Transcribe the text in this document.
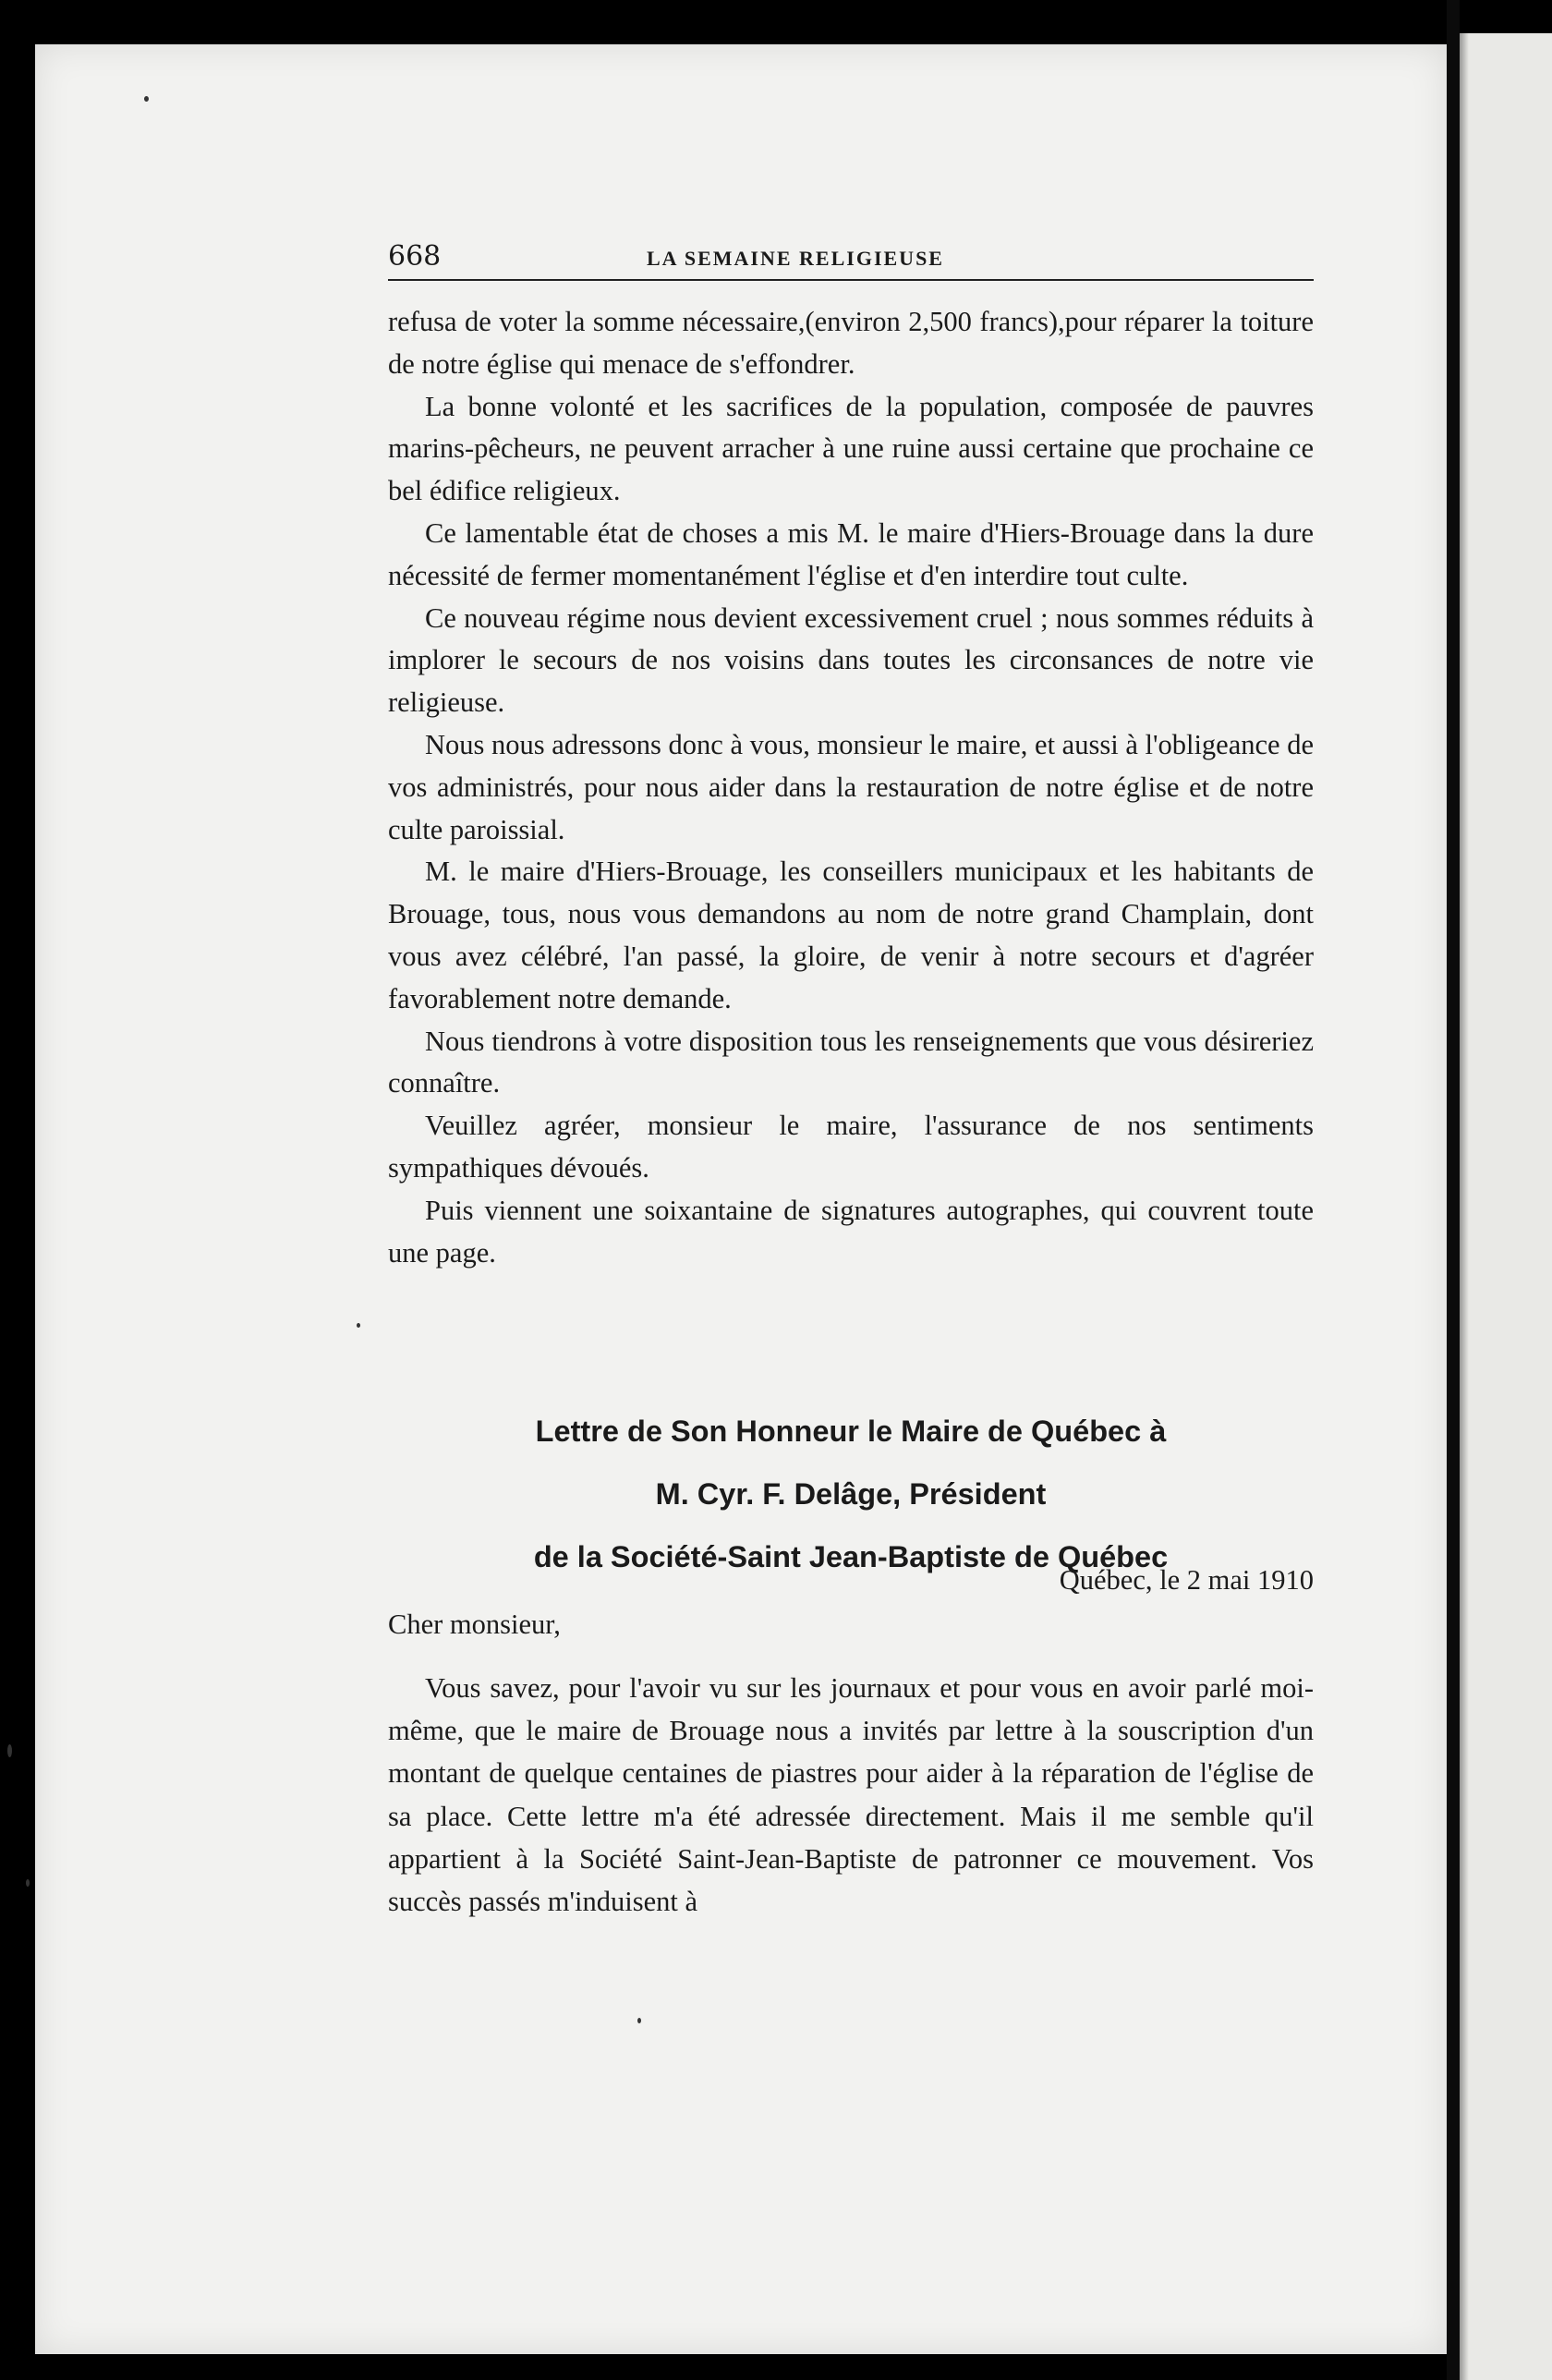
668	LA SEMAINE RELIGIEUSE

refusa de voter la somme nécessaire,(environ 2,500 francs),pour réparer la toiture de notre église qui menace de s'effondrer.

La bonne volonté et les sacrifices de la population, composée de pauvres marins-pêcheurs, ne peuvent arracher à une ruine aussi certaine que prochaine ce bel édifice religieux.

Ce lamentable état de choses a mis M. le maire d'Hiers-Brouage dans la dure nécessité de fermer momentanément l'église et d'en interdire tout culte.

Ce nouveau régime nous devient excessivement cruel ; nous sommes réduits à implorer le secours de nos voisins dans toutes les circonsances de notre vie religieuse.

Nous nous adressons donc à vous, monsieur le maire, et aussi à l'obligeance de vos administrés, pour nous aider dans la restauration de notre église et de notre culte paroissial.

M. le maire d'Hiers-Brouage, les conseillers municipaux et les habitants de Brouage, tous, nous vous demandons au nom de notre grand Champlain, dont vous avez célébré, l'an passé, la gloire, de venir à notre secours et d'agréer favorablement notre demande.

Nous tiendrons à votre disposition tous les renseignements que vous désireriez connaître.

Veuillez agréer, monsieur le maire, l'assurance de nos sentiments sympathiques dévoués.

Puis viennent une soixantaine de signatures autographes, qui couvrent toute une page.

Lettre de Son Honneur le Maire de Québec à
M. Cyr. F. Delâge, Président
de la Société-Saint Jean-Baptiste de Québec
Québec, le 2 mai 1910
Cher monsieur,

Vous savez, pour l'avoir vu sur les journaux et pour vous en avoir parlé moi-même, que le maire de Brouage nous a invités par lettre à la souscription d'un montant de quelque centaines de piastres pour aider à la réparation de l'église de sa place. Cette lettre m'a été adressée directement. Mais il me semble qu'il appartient à la Société Saint-Jean-Baptiste de patronner ce mouvement. Vos succès passés m'induisent à
